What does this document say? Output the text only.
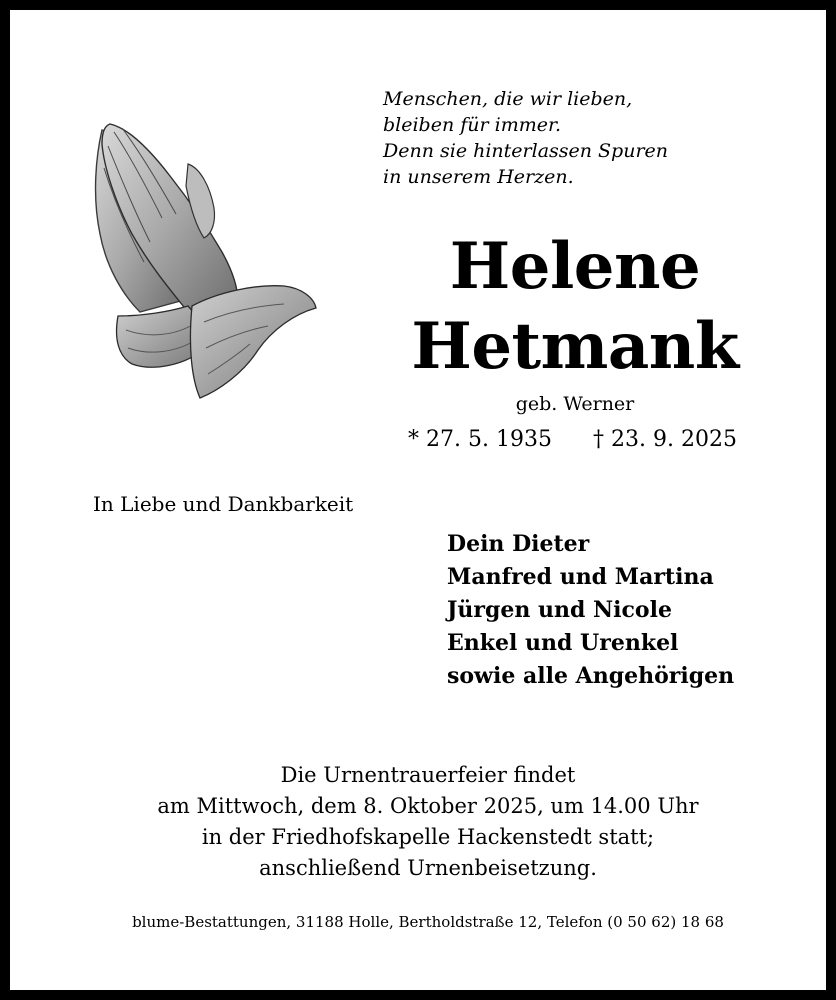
Menschen, die wir lieben,
bleiben für immer.
Denn sie hinterlassen Spuren
in unserem Herzen.
Helene
Hetmank
geb. Werner
* 27. 5. 1935 † 23. 9. 2025
In Liebe und Dankbarkeit
Dein Dieter
Manfred und Martina
Jürgen und Nicole
Enkel und Urenkel
sowie alle Angehörigen
Die Urnentrauerfeier findet
am Mittwoch, dem 8. Oktober 2025, um 14.00 Uhr
in der Friedhofskapelle Hackenstedt statt;
anschließend Urnenbeisetzung.
blume-Bestattungen, 31188 Holle, Bertholdstraße 12, Telefon (0 50 62) 18 68
